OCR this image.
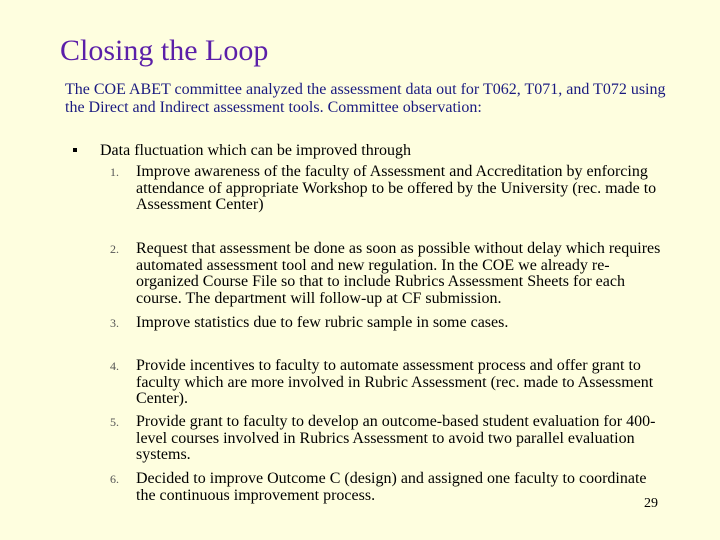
Closing the Loop
The COE ABET committee analyzed the assessment data out for T062, T071, and T072 using the Direct and Indirect assessment tools. Committee observation:
Data fluctuation which can be improved through
1.	Improve awareness of the faculty of Assessment and Accreditation by enforcing attendance of appropriate Workshop to be offered by the University (rec. made to Assessment Center)
2.	Request that assessment be done as soon as possible without delay which requires automated assessment tool and new regulation. In the COE we already re-organized Course File so that to include Rubrics Assessment Sheets for each course. The department will follow-up at CF submission.
3.	Improve statistics due to few rubric sample in some cases.
4.	Provide incentives to faculty to automate assessment process and offer grant to faculty which are more involved in Rubric Assessment (rec. made to Assessment Center).
5.	Provide grant to faculty to develop an outcome-based student evaluation for 400-level courses involved in Rubrics Assessment to avoid two parallel evaluation systems.
6.	Decided to improve Outcome C (design) and assigned one faculty to coordinate the continuous improvement process.	29
